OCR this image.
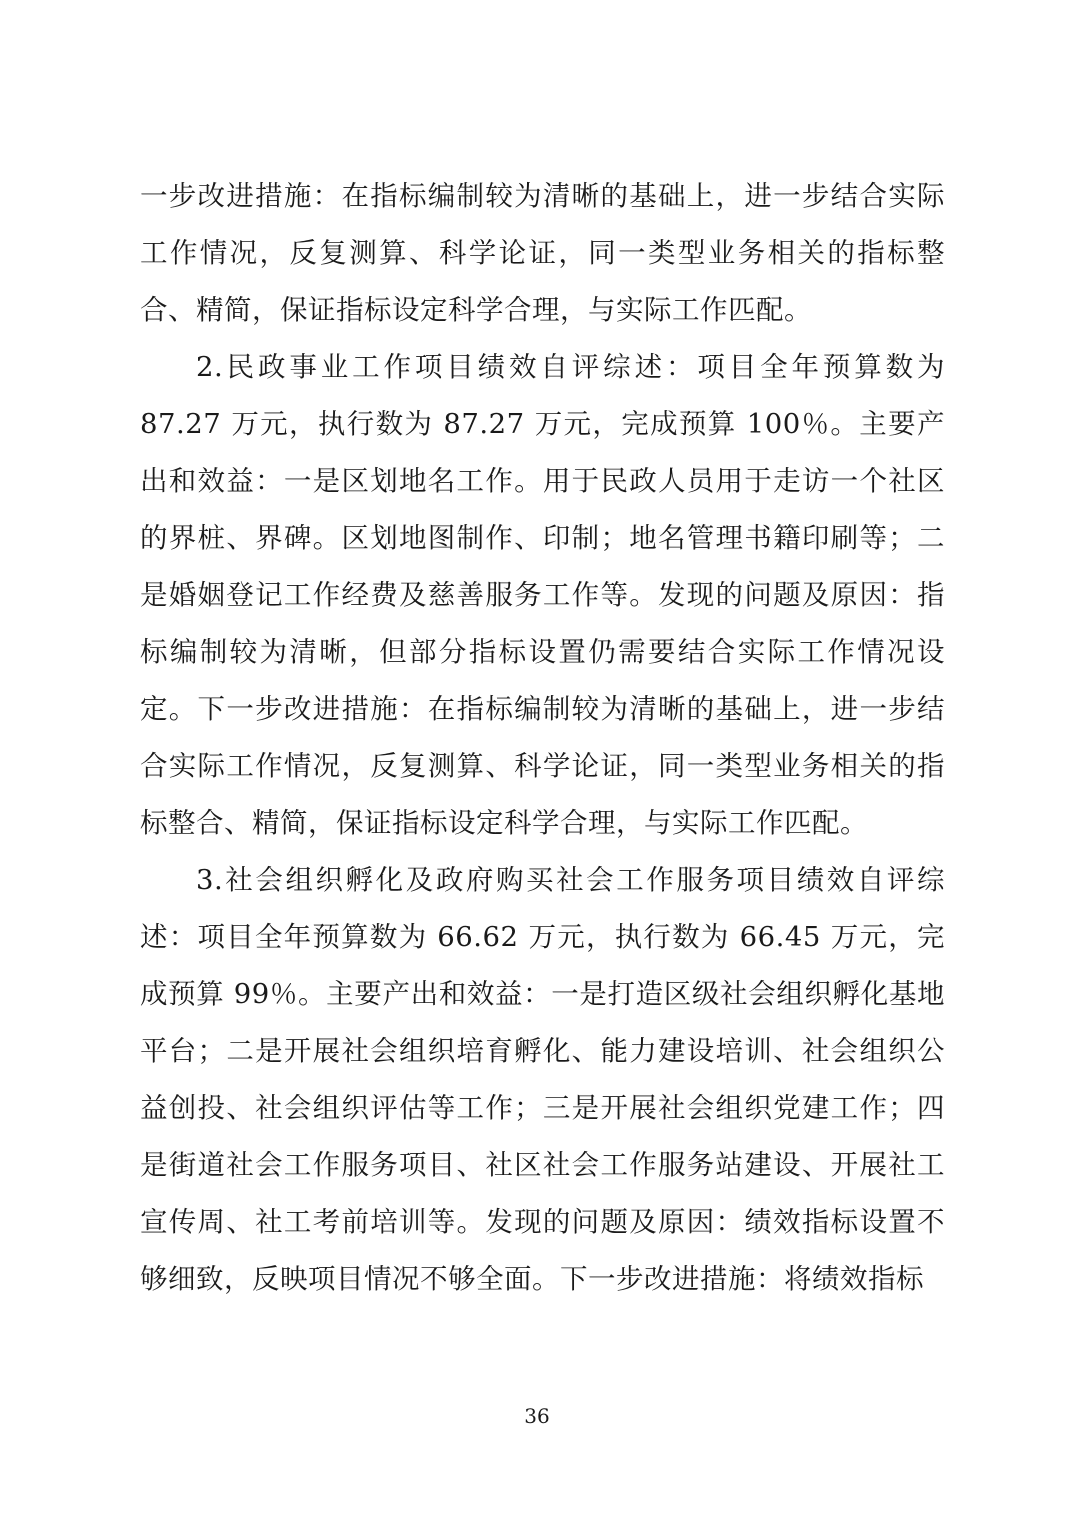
一步改进措施：在指标编制较为清晰的基础上，进一步结合实际工作情况，反复测算、科学论证，同一类型业务相关的指标整合、精简，保证指标设定科学合理，与实际工作匹配。

2.民政事业工作项目绩效自评综述：项目全年预算数为 87.27 万元，执行数为 87.27 万元，完成预算 100％。主要产出和效益：一是区划地名工作。用于民政人员用于走访一个社区的界桩、界碑。区划地图制作、印制；地名管理书籍印刷等；二是婚姻登记工作经费及慈善服务工作等。发现的问题及原因：指标编制较为清晰，但部分指标设置仍需要结合实际工作情况设定。下一步改进措施：在指标编制较为清晰的基础上，进一步结合实际工作情况，反复测算、科学论证，同一类型业务相关的指标整合、精简，保证指标设定科学合理，与实际工作匹配。

3.社会组织孵化及政府购买社会工作服务项目绩效自评综述：项目全年预算数为 66.62 万元，执行数为 66.45 万元，完成预算 99％。主要产出和效益：一是打造区级社会组织孵化基地平台；二是开展社会组织培育孵化、能力建设培训、社会组织公益创投、社会组织评估等工作；三是开展社会组织党建工作；四是街道社会工作服务项目、社区社会工作服务站建设、开展社工宣传周、社工考前培训等。发现的问题及原因：绩效指标设置不够细致，反映项目情况不够全面。下一步改进措施：将绩效指标

36
